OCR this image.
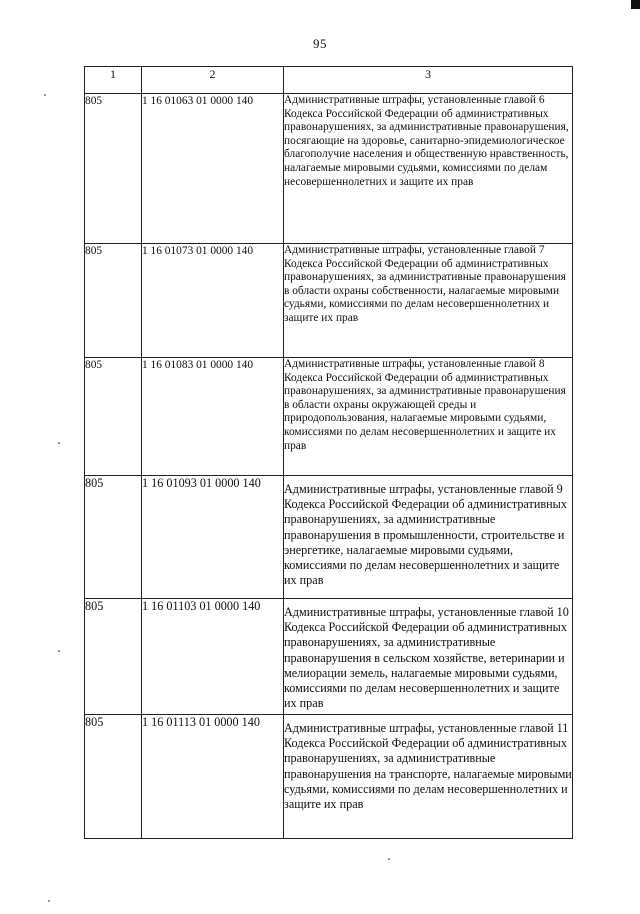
95
1	2	3
805	1 16 01063 01 0000 140	Административные штрафы, установленные главой 6 Кодекса Российской Федерации об административных правонарушениях, за административные правонарушения, посягающие на здоровье, санитарно-эпидемиологическое благополучие населения и общественную нравственность, налагаемые мировыми судьями, комиссиями по делам несовершеннолетних и защите их прав
805	1 16 01073 01 0000 140	Административные штрафы, установленные главой 7 Кодекса Российской Федерации об административных правонарушениях, за административные правонарушения в области охраны собственности, налагаемые мировыми судьями, комиссиями по делам несовершеннолетних и защите их прав
805	1 16 01083 01 0000 140	Административные штрафы, установленные главой 8 Кодекса Российской Федерации об административных правонарушениях, за административные правонарушения в области охраны окружающей среды и природопользования, налагаемые мировыми судьями, комиссиями по делам несовершеннолетних и защите их прав
805	1 16 01093 01 0000 140	Административные штрафы, установленные главой 9 Кодекса Российской Федерации об административных правонарушениях, за административные правонарушения в промышленности, строительстве и энергетике, налагаемые мировыми судьями, комиссиями по делам несовершеннолетних и защите их прав
805	1 16 01103 01 0000 140	Административные штрафы, установленные главой 10 Кодекса Российской Федерации об административных правонарушениях, за административные правонарушения в сельском хозяйстве, ветеринарии и мелиорации земель, налагаемые мировыми судьями, комиссиями по делам несовершеннолетних и защите их прав
805	1 16 01113 01 0000 140	Административные штрафы, установленные главой 11 Кодекса Российской Федерации об административных правонарушениях, за административные правонарушения на транспорте, налагаемые мировыми судьями, комиссиями по делам несовершеннолетних и защите их прав
